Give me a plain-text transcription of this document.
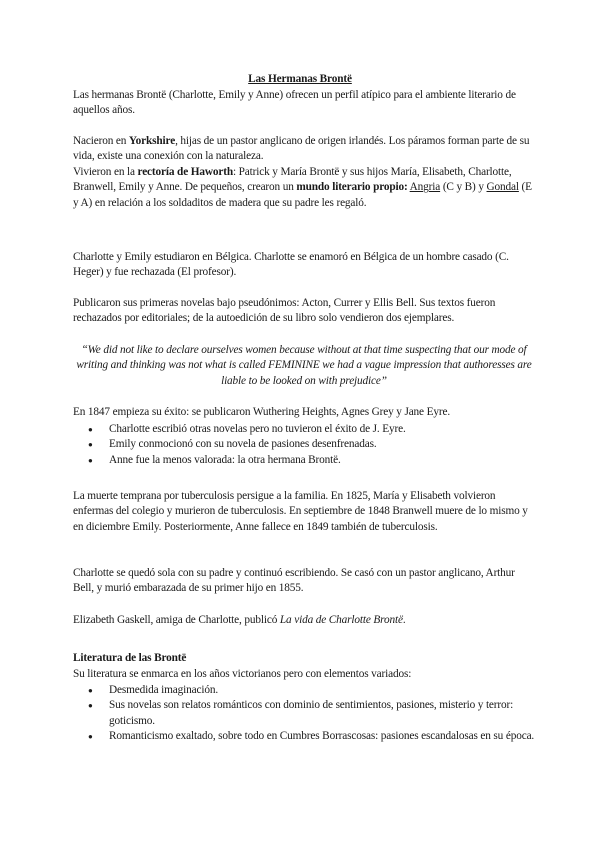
Las Hermanas Brontë

Las hermanas Brontë (Charlotte, Emily y Anne) ofrecen un perfil atípico para el ambiente literario de aquellos años.

Nacieron en Yorkshire, hijas de un pastor anglicano de origen irlandés. Los páramos forman parte de su vida, existe una conexión con la naturaleza.

Vivieron en la rectoría de Haworth: Patrick y María Brontë y sus hijos María, Elisabeth, Charlotte, Branwell, Emily y Anne. De pequeños, crearon un mundo literario propio: Angria (C y B) y Gondal (E y A) en relación a los soldaditos de madera que su padre les regaló.

Charlotte y Emily estudiaron en Bélgica. Charlotte se enamoró en Bélgica de un hombre casado (C. Heger) y fue rechazada (El profesor).

Publicaron sus primeras novelas bajo pseudónimos: Acton, Currer y Ellis Bell. Sus textos fueron rechazados por editoriales; de la autoedición de su libro solo vendieron dos ejemplares.

“We did not like to declare ourselves women because without at that time suspecting that our mode of writing and thinking was not what is called FEMININE we had a vague impression that authoresses are liable to be looked on with prejudice”

En 1847 empieza su éxito: se publicaron Wuthering Heights, Agnes Grey y Jane Eyre.

● Charlotte escribió otras novelas pero no tuvieron el éxito de J. Eyre.
● Emily conmocionó con su novela de pasiones desenfrenadas.
● Anne fue la menos valorada: la otra hermana Brontë.

La muerte temprana por tuberculosis persigue a la familia. En 1825, María y Elisabeth volvieron enfermas del colegio y murieron de tuberculosis. En septiembre de 1848 Branwell muere de lo mismo y en diciembre Emily. Posteriormente, Anne fallece en 1849 también de tuberculosis.

Charlotte se quedó sola con su padre y continuó escribiendo. Se casó con un pastor anglicano, Arthur Bell, y murió embarazada de su primer hijo en 1855.

Elizabeth Gaskell, amiga de Charlotte, publicó La vida de Charlotte Brontë.

Literatura de las Brontë

Su literatura se enmarca en los años victorianos pero con elementos variados:

● Desmedida imaginación.
● Sus novelas son relatos románticos con dominio de sentimientos, pasiones, misterio y terror: goticismo.
● Romanticismo exaltado, sobre todo en Cumbres Borrascosas: pasiones escandalosas en su época.
